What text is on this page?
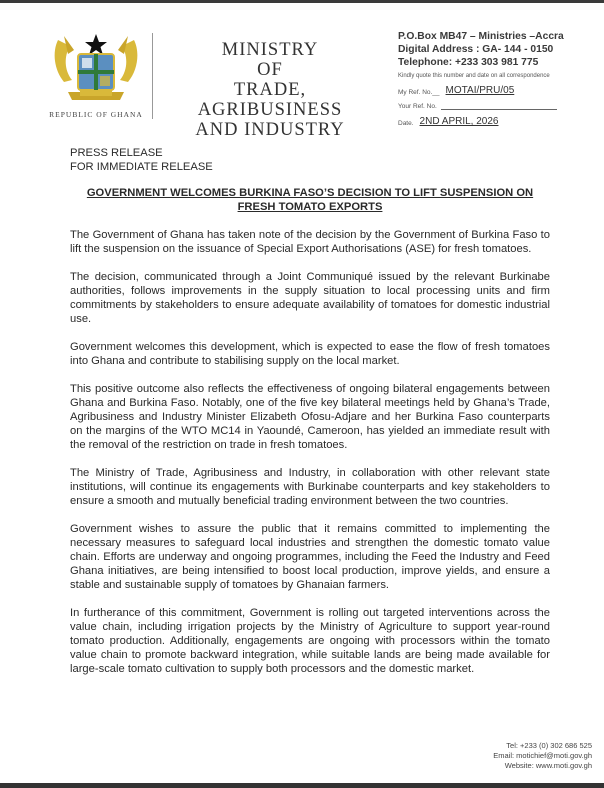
REPUBLIC OF GHANA
MINISTRY
OF
TRADE, AGRIBUSINESS
AND INDUSTRY
P.O.Box MB47 – Ministries –Accra
Digital Address : GA- 144 - 0150
Telephone: +233 303 981 775
Kindly quote this number and date on all correspondence
My Ref. No.__ MOTAI/PRU/05
Your Ref. No.
Date. 2ND APRIL, 2026
PRESS RELEASE
FOR IMMEDIATE RELEASE
GOVERNMENT WELCOMES BURKINA FASO’S DECISION TO LIFT SUSPENSION ON FRESH TOMATO EXPORTS

The Government of Ghana has taken note of the decision by the Government of Burkina Faso to lift the suspension on the issuance of Special Export Authorisations (ASE) for fresh tomatoes.

The decision, communicated through a Joint Communiqué issued by the relevant Burkinabe authorities, follows improvements in the supply situation to local processing units and firm commitments by stakeholders to ensure adequate availability of tomatoes for domestic industrial use.

Government welcomes this development, which is expected to ease the flow of fresh tomatoes into Ghana and contribute to stabilising supply on the local market.

This positive outcome also reflects the effectiveness of ongoing bilateral engagements between Ghana and Burkina Faso. Notably, one of the five key bilateral meetings held by Ghana’s Trade, Agribusiness and Industry Minister Elizabeth Ofosu-Adjare and her Burkina Faso counterparts on the margins of the WTO MC14 in Yaoundé, Cameroon, has yielded an immediate result with the removal of the restriction on trade in fresh tomatoes.

The Ministry of Trade, Agribusiness and Industry, in collaboration with other relevant state institutions, will continue its engagements with Burkinabe counterparts and key stakeholders to ensure a smooth and mutually beneficial trading environment between the two countries.

Government wishes to assure the public that it remains committed to implementing the necessary measures to safeguard local industries and strengthen the domestic tomato value chain. Efforts are underway and ongoing programmes, including the Feed the Industry and Feed Ghana initiatives, are being intensified to boost local production, improve yields, and ensure a stable and sustainable supply of tomatoes by Ghanaian farmers.

In furtherance of this commitment, Government is rolling out targeted interventions across the value chain, including irrigation projects by the Ministry of Agriculture to support year-round tomato production. Additionally, engagements are ongoing with processors within the tomato value chain to promote backward integration, while suitable lands are being made available for large-scale tomato cultivation to supply both processors and the domestic market.

Tel: +233 (0) 302 686 525
Email: motichief@moti.gov.gh
Website: www.moti.gov.gh
